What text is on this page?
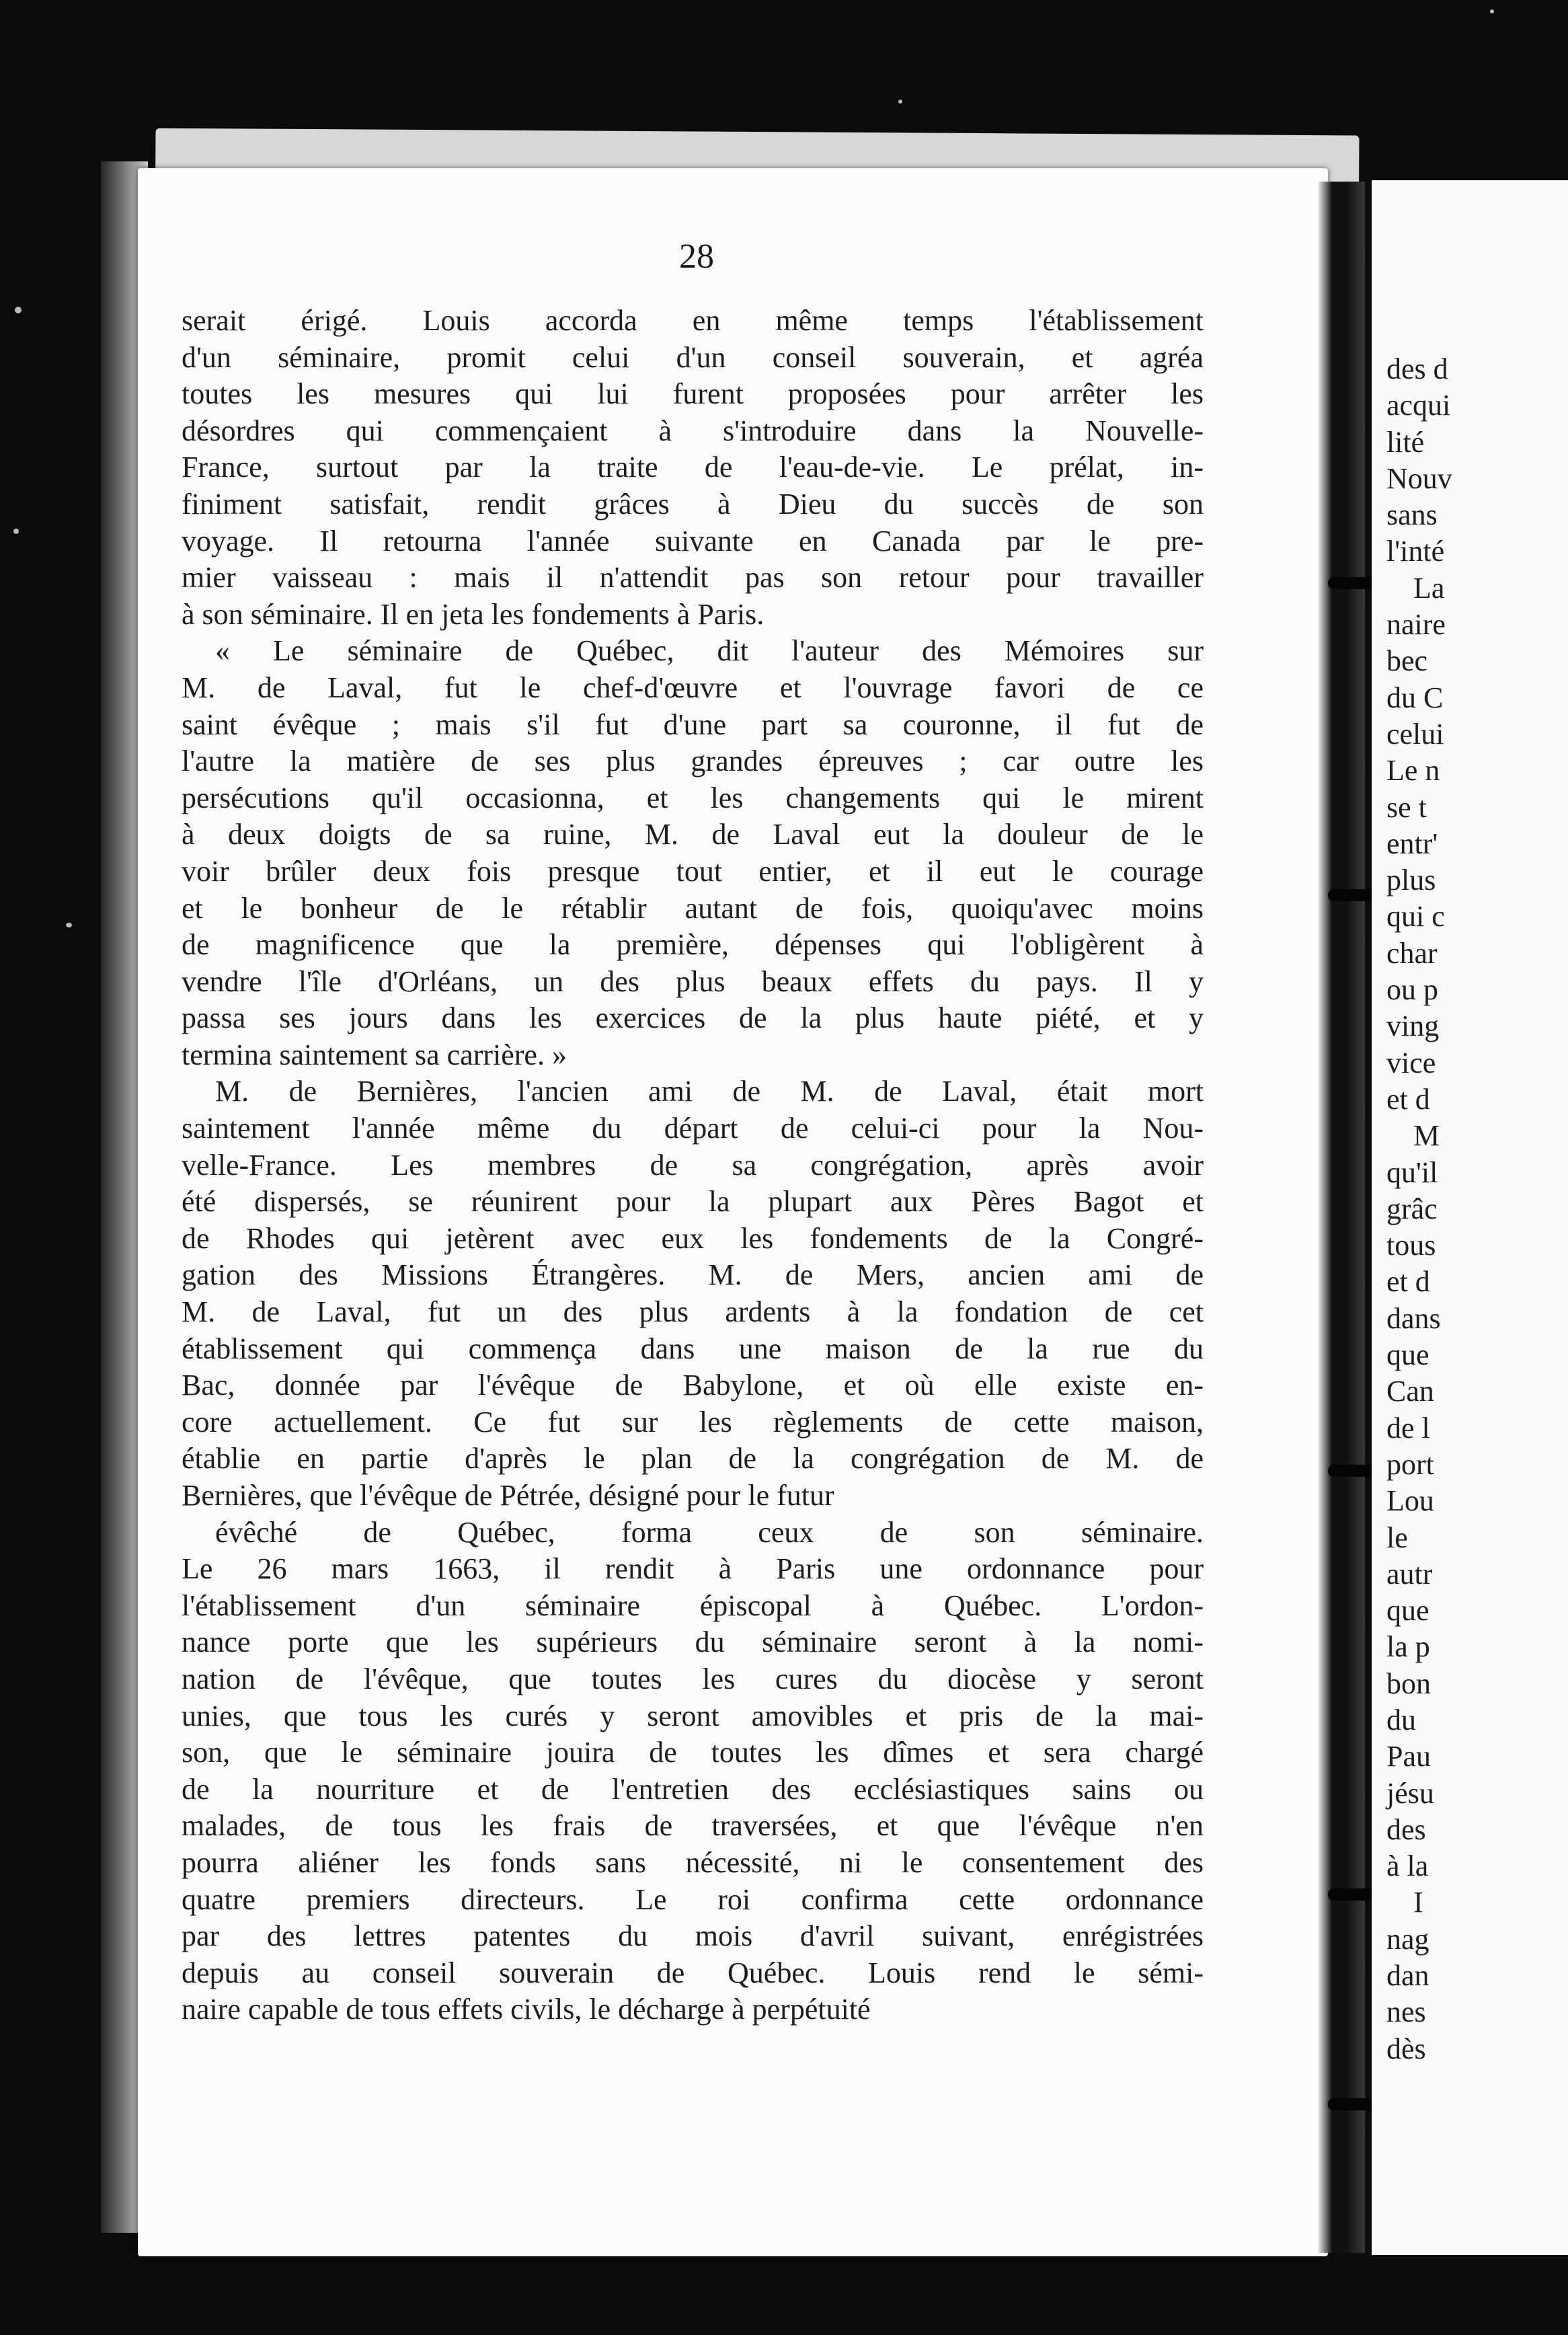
28
serait érigé. Louis accorda en même temps l'établissement
d'un séminaire, promit celui d'un conseil souverain, et agréa
toutes les mesures qui lui furent proposées pour arrêter les
désordres qui commençaient à s'introduire dans la Nouvelle-
France, surtout par la traite de l'eau-de-vie. Le prélat, in-
finiment satisfait, rendit grâces à Dieu du succès de son
voyage. Il retourna l'année suivante en Canada par le pre-
mier vaisseau : mais il n'attendit pas son retour pour travailler
à son séminaire. Il en jeta les fondements à Paris.
« Le séminaire de Québec, dit l'auteur des Mémoires sur
M. de Laval, fut le chef-d'œuvre et l'ouvrage favori de ce
saint évêque ; mais s'il fut d'une part sa couronne, il fut de
l'autre la matière de ses plus grandes épreuves ; car outre les
persécutions qu'il occasionna, et les changements qui le mirent
à deux doigts de sa ruine, M. de Laval eut la douleur de le
voir brûler deux fois presque tout entier, et il eut le courage
et le bonheur de le rétablir autant de fois, quoiqu'avec moins
de magnificence que la première, dépenses qui l'obligèrent à
vendre l'île d'Orléans, un des plus beaux effets du pays. Il y
passa ses jours dans les exercices de la plus haute piété, et y
termina saintement sa carrière. »
M. de Bernières, l'ancien ami de M. de Laval, était mort
saintement l'année même du départ de celui-ci pour la Nou-
velle-France. Les membres de sa congrégation, après avoir
été dispersés, se réunirent pour la plupart aux Pères Bagot et
de Rhodes qui jetèrent avec eux les fondements de la Congré-
gation des Missions Étrangères. M. de Mers, ancien ami de
M. de Laval, fut un des plus ardents à la fondation de cet
établissement qui commença dans une maison de la rue du
Bac, donnée par l'évêque de Babylone, et où elle existe en-
core actuellement. Ce fut sur les règlements de cette maison,
établie en partie d'après le plan de la congrégation de M. de
Bernières, que l'évêque de Pétrée, désigné pour le futur
évêché de Québec, forma ceux de son séminaire.
Le 26 mars 1663, il rendit à Paris une ordonnance pour
l'établissement d'un séminaire épiscopal à Québec. L'ordon-
nance porte que les supérieurs du séminaire seront à la nomi-
nation de l'évêque, que toutes les cures du diocèse y seront
unies, que tous les curés y seront amovibles et pris de la mai-
son, que le séminaire jouira de toutes les dîmes et sera chargé
de la nourriture et de l'entretien des ecclésiastiques sains ou
malades, de tous les frais de traversées, et que l'évêque n'en
pourra aliéner les fonds sans nécessité, ni le consentement des
quatre premiers directeurs. Le roi confirma cette ordonnance
par des lettres patentes du mois d'avril suivant, enrégistrées
depuis au conseil souverain de Québec. Louis rend le sémi-
naire capable de tous effets civils, le décharge à perpétuité
des d
acqui
lité
Nouv
sans
l'inté
La
naire
bec
du C
celui
Le n
se t
entr'
plus
qui c
char
ou p
ving
vice
et d
M
qu'il
grâc
tous
et d
dans
que
Can
de l
port
Lou
le
autr
que
la p
bon
du
Pau
jésu
des
à la
I
nag
dan
nes
dès
